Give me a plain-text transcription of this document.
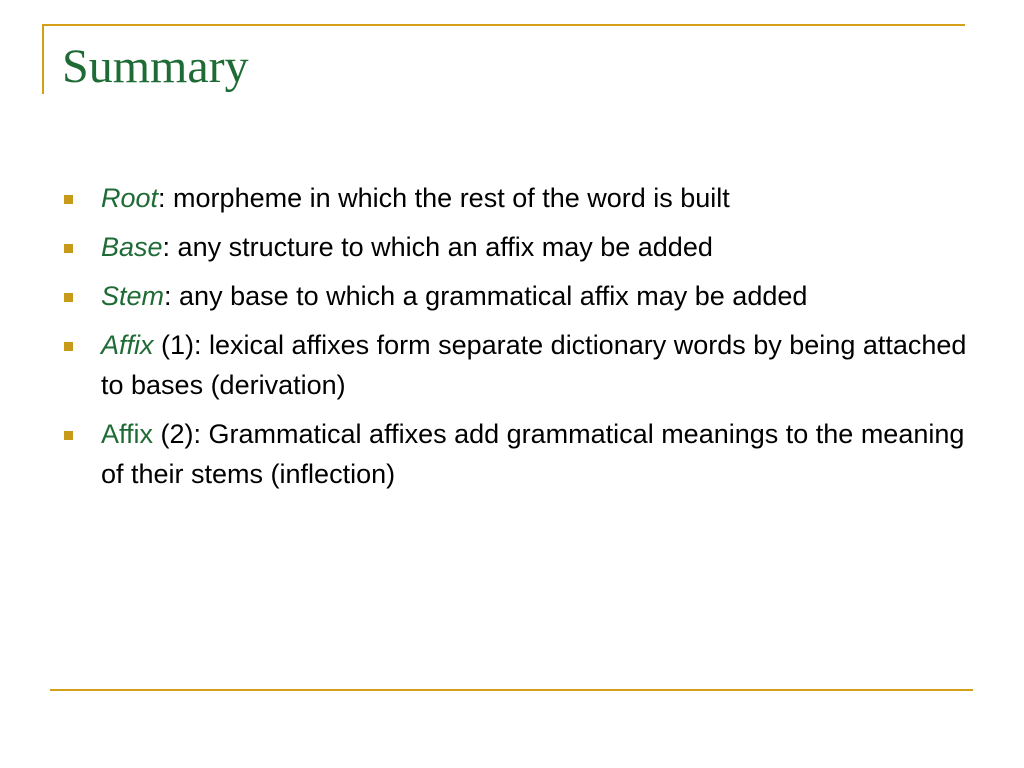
Summary
Root: morpheme in which the rest of the word is built
Base: any structure to which an affix may be added
Stem: any base to which a grammatical affix may be added
Affix (1): lexical affixes form separate dictionary words by being attached to bases (derivation)
Affix (2): Grammatical affixes add grammatical meanings to the meaning of their stems (inflection)
